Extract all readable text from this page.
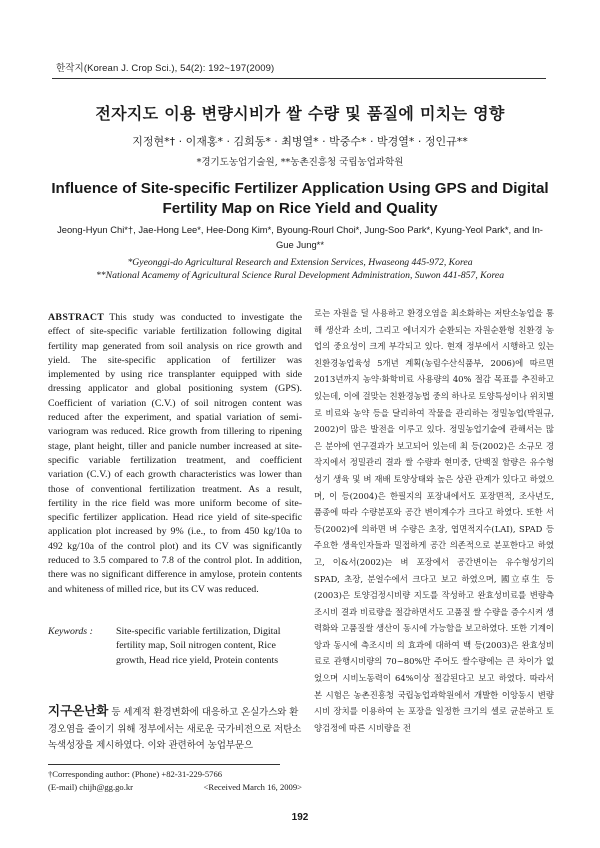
한작지(Korean J. Crop Sci.), 54(2): 192~197(2009)
전자지도 이용 변량시비가 쌀 수량 및 품질에 미치는 영향
지정현*† · 이재홍* · 김희동* · 최병열* · 박중수* · 박경열* · 정인규**
*경기도농업기술원, **농촌진흥청 국립농업과학원
Influence of Site-specific Fertilizer Application Using GPS and Digital Fertility Map on Rice Yield and Quality
Jeong-Hyun Chi*†, Jae-Hong Lee*, Hee-Dong Kim*, Byoung-Rourl Choi*, Jung-Soo Park*, Kyung-Yeol Park*, and In-Gue Jung**
*Gyeonggi-do Agricultural Research and Extension Services, Hwaseong 445-972, Korea
**National Acamemy of Agricultural Science Rural Development Administration, Suwon 441-857, Korea
ABSTRACT This study was conducted to investigate the effect of site-specific variable fertilization following digital fertility map generated from soil analysis on rice growth and yield. The site-specific application of fertilizer was implemented by using rice transplanter equipped with side dressing applicator and global positioning system (GPS). Coefficient of variation (C.V.) of soil nitrogen content was reduced after the experiment, and spatial variation of semi-variogram was reduced. Rice growth from tillering to ripening stage, plant height, tiller and panicle number increased at site-specific variable fertilization treatment, and coefficient variation (C.V.) of each growth characteristics was lower than those of conventional fertilization treatment. As a result, fertility in the rice field was more uniform become of site-specific fertilizer application. Head rice yield of site-specific application plot increased by 9% (i.e., to from 450 kg/10a to 492 kg/10a of the control plot) and its CV was significantly reduced to 3.5 compared to 7.8 of the control plot. In addition, there was no significant difference in amylose, protein contents and whiteness of milled rice, but its CV was reduced.
Keywords : Site-specific variable fertilization, Digital fertility map, Soil nitrogen content, Rice growth, Head rice yield, Protein contents
지구온난화 등 세계적 환경변화에 대응하고 온실가스와 환경오염을 줄이기 위해 정부에서는 새로운 국가비전으로 저탄소 녹색성장을 제시하였다. 이와 관련하여 농업부문으
†Corresponding author: (Phone) +82-31-229-5766
(E-mail) chijh@gg.go.kr	<Received March 16, 2009>
로는 자원을 덜 사용하고 환경오염을 최소화하는 저탄소농업을 통해 생산과 소비, 그리고 에너지가 순환되는 자원순환형 친환경 농업의 중요성이 크게 부각되고 있다. 현재 정부에서 시행하고 있는 친환경농업육성 5개년 계획(농림수산식품부, 2006)에 따르면 2013년까지 농약·화학비료 사용량의 40% 절감 목표를 추진하고 있는데, 이에 걸맞는 친환경농법 중의 하나로 토양특성이나 위치별로 비료와 농약 등을 달리하여 작물을 관리하는 정밀농업(박원규, 2002)이 많은 발전을 이루고 있다. 정밀농업기술에 관해서는 많은 분야에 연구결과가 보고되어 있는데 최 등(2002)은 소규모 경작지에서 정밀관리 결과 쌀 수량과 현미중, 단백질 함량은 유수형성기 생육 및 벼 재배 토양상태와 높은 상관 관계가 있다고 하였으며, 이 등(2004)은 한필지의 포장내에서도 포장면적, 조사년도, 품종에 따라 수량분포와 공간 변이계수가 크다고 하였다. 또한 서 등(2002)에 의하면 벼 수량은 초장, 엽면적지수(LAI), SPAD 등 주요한 생육인자들과 밀접하게 공간 의존적으로 분포한다고 하였고, 이&서(2002)는 벼 포장에서 공간변이는 유수형성기의 SPAD, 초장, 분얼수에서 크다고 보고 하였으며, 國立卓生 등(2003)은 토양검정시비량 지도를 작성하고 완효성비료를 변량측조시비 결과 비료량을 절감하면서도 고품질 쌀 수량을 증수시켜 생력화와 고품질쌀 생산이 동시에 가능함을 보고하였다. 또한 기계이앙과 동시에 측조시비 의 효과에 대하여 백 등(2003)은 완효성비료로 관행시비량의 70~80%만 주어도 쌀수량에는 큰 차이가 없었으며 시비노동력이 64%이상 절감된다고 보고 하였다. 따라서 본 시험은 농촌진흥청 국립농업과학원에서 개발한 이앙동시 변량시비 장치를 이용하여 논 포장을 일정한 크기의 셀로 균분하고 토양검정에 따른 시비량을 전
192
